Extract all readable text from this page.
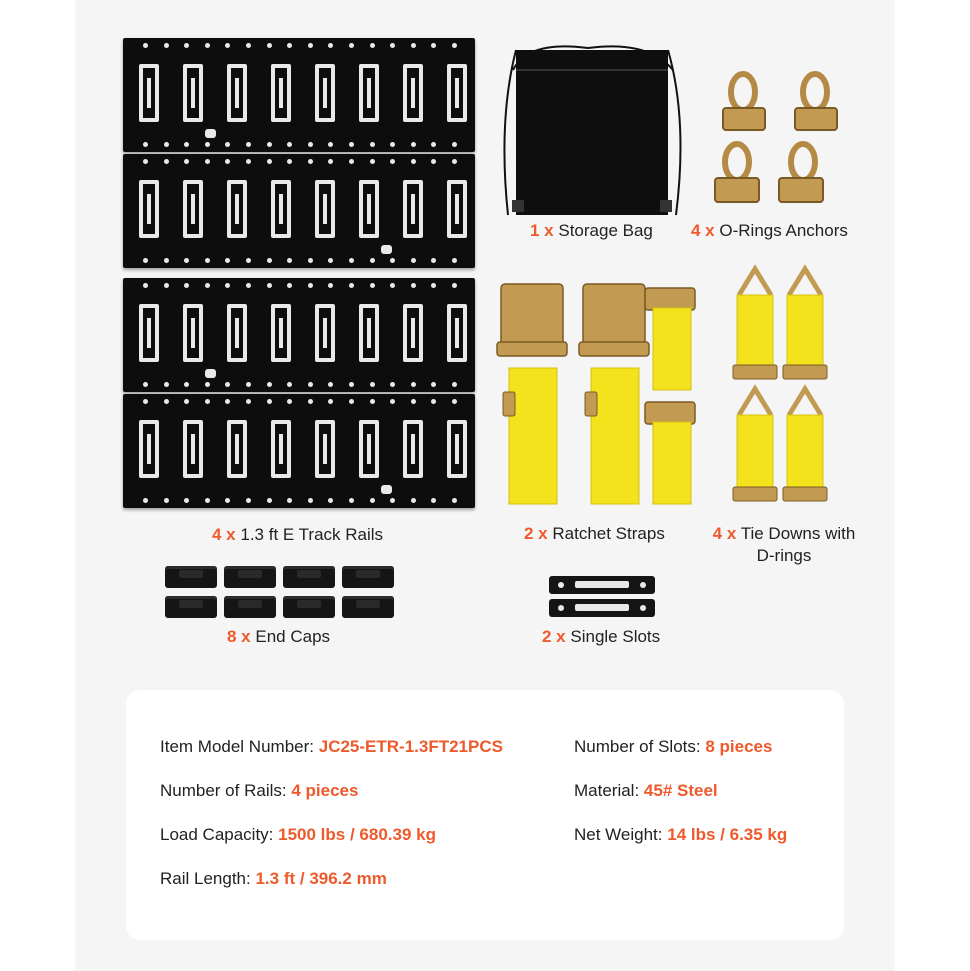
1 x Storage Bag 4 x O-Rings Anchors
4 x 1.3 ft E Track Rails	2 x Ratchet Straps	4 x Tie Downs with
D-rings
8 x End Caps	2 x Single Slots
Item Model Number: JC25-ETR-1.3FT21PCS
Number of Rails: 4 pieces
Load Capacity: 1500 lbs / 680.39 kg
Rail Length: 1.3 ft / 396.2 mm
Number of Slots: 8 pieces
Material: 45# Steel
Net Weight: 14 lbs / 6.35 kg
